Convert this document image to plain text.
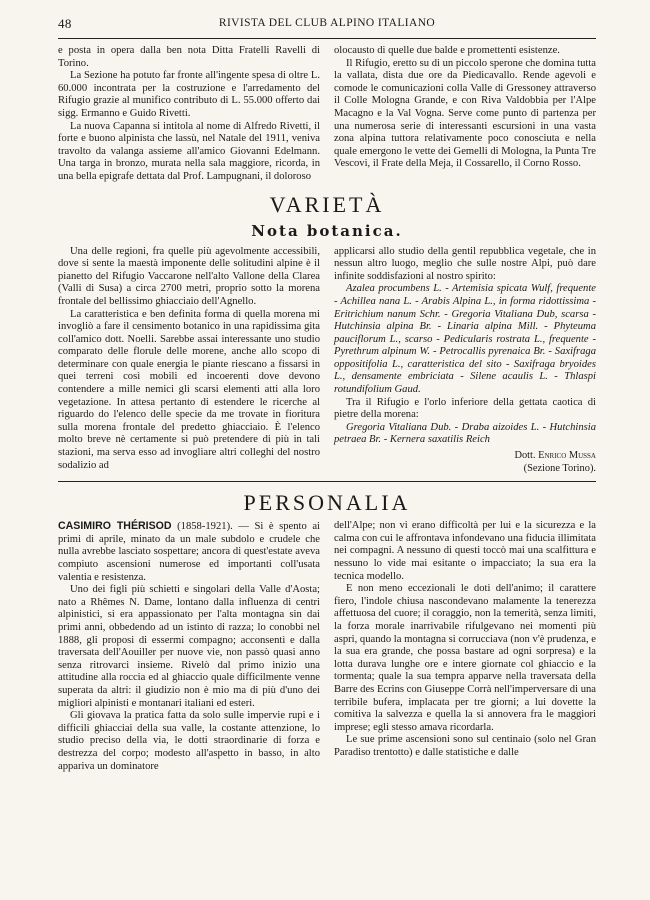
48	RIVISTA DEL CLUB ALPINO ITALIANO

e posta in opera dalla ben nota Ditta Fratelli Ravelli di Torino.

La Sezione ha potuto far fronte all'ingente spesa di oltre L. 60.000 incontrata per la costruzione e l'arredamento del Rifugio grazie al munifico contributo di L. 55.000 offerto dai sigg. Ermanno e Guido Rivetti.

La nuova Capanna si intitola al nome di Alfredo Rivetti, il forte e buono alpinista che lassù, nel Natale del 1911, veniva travolto da valanga assieme all'amico Giovanni Edelmann. Una targa in bronzo, murata nella sala maggiore, ricorda, in una bella epigrafe dettata dal Prof. Lampugnani, il doloroso

olocausto di quelle due balde e promettenti esistenze.

Il Rifugio, eretto su di un piccolo sperone che domina tutta la vallata, dista due ore da Piedicavallo. Rende agevoli e comode le comunicazioni colla Valle di Gressoney attraverso il Colle Mologna Grande, e con Riva Valdobbia per l'Alpe Macagno e la Val Vogna. Serve come punto di partenza per una numerosa serie di interessanti escursioni in una vasta zona alpina tuttora relativamente poco conosciuta e nella quale emergono le vette dei Gemelli di Mologna, la Punta Tre Vescovi, il Frate della Meja, il Cossarello, il Corno Rosso.

VARIETÀ
Nota botanica.

Una delle regioni, fra quelle più agevolmente accessibili, dove si sente la maestà imponente delle solitudini alpine è il pianetto del Rifugio Vaccarone nell'alto Vallone della Clarea (Valli di Susa) a circa 2700 metri, proprio sotto la morena frontale del bellissimo ghiacciaio dell'Agnello.

La caratteristica e ben definita forma di quella morena mi invogliò a fare il censimento botanico in una rapidissima gita coll'amico dott. Noelli. Sarebbe assai interessante uno studio comparato delle florule delle morene, anche allo scopo di determinare con quale energia le piante riescano a fissarsi in quei terreni così mobili ed incoerenti dove devono contendere a mille nemici gli scarsi elementi atti alla loro vegetazione. In attesa pertanto di estendere le ricerche al riguardo do l'elenco delle specie da me trovate in fioritura sulla morena frontale del predetto ghiacciaio. È l'elenco molto breve nè certamente si può pretendere di più in tali stazioni, ma serva esso ad invogliare altri colleghi del nostro sodalizio ad

applicarsi allo studio della gentil repubblica vegetale, che in nessun altro luogo, meglio che sulle nostre Alpi, può dare infinite soddisfazioni al nostro spirito:

Azalea procumbens L. - Artemisia spicata Wulf, frequente - Achillea nana L. - Arabis Alpina L., in forma ridottissima - Eritrichium nanum Schr. - Gregoria Vitaliana Dub, scarsa - Hutchinsia alpina Br. - Linaria alpina Mill. - Phyteuma pauciflorum L., scarso - Pedicularis rostrata L., frequente - Pyrethrum alpinum W. - Petrocallis pyrenaica Br. - Saxifraga oppositifolia L., caratteristica del sito - Saxifraga bryoides L., densamente embriciata - Silene acaulis L. - Thlaspi rotundifolium Gaud.

Tra il Rifugio e l'orlo inferiore della gettata caotica di pietre della morena:

Gregoria Vitaliana Dub. - Draba aizoides L. - Hutchinsia petraea Br. - Kernera saxatilis Reich

Dott. Enrico Mussa
(Sezione Torino).
PERSONALIA

CASIMIRO THÉRISOD (1858-1921). — Si è spento ai primi di aprile, minato da un male subdolo e crudele che nulla avrebbe lasciato sospettare; ancora di quest'estate aveva compiuto ascensioni numerose ed importanti coll'usata valentia e resistenza.

Uno dei figli più schietti e singolari della Valle d'Aosta; nato a Rhêmes N. Dame, lontano dalla influenza di centri alpinistici, si era appassionato per l'alta montagna sin dai primi anni, obbedendo ad un istinto di razza; lo conobbi nel 1888, gli proposi di essermi compagno; acconsentì e dalla traversata dell'Aouiller per nuove vie, non passò quasi anno senza ritrovarci insieme. Rivelò dal primo inizio una attitudine alla roccia ed al ghiaccio quale difficilmente venne superata da altri: il giudizio non è mio ma di più d'uno dei migliori alpinisti e montanari italiani ed esteri.

Gli giovava la pratica fatta da solo sulle impervie rupi e i difficili ghiacciai della sua valle, la costante attenzione, lo studio preciso della via, le dotti straordinarie di forza e destrezza del corpo; modesto all'aspetto in basso, in alto appariva un dominatore

dell'Alpe; non vi erano difficoltà per lui e la sicurezza e la calma con cui le affrontava infondevano una fiducia illimitata nei compagni. A nessuno di questi toccò mai una scalfittura e nessuno lo vide mai esitante o impacciato; la sua era la tecnica modello.

E non meno eccezionali le doti dell'animo; il carattere fiero, l'indole chiusa nascondevano malamente la tenerezza affettuosa del cuore; il coraggio, non la temerità, senza limiti, la forza morale inarrivabile rifulgevano nei momenti più aspri, quando la montagna si corrucciava (non v'è prudenza, e la sua era grande, che possa bastare ad ogni sorpresa) e la lotta durava lunghe ore e intere giornate col ghiaccio e la tormenta; quale la sua tempra apparve nella traversata della Barre des Ecrins con Giuseppe Corrà nell'imperversare di una terribile bufera, implacata per tre giorni; a lui dovette la comitiva la salvezza e quella la si annovera fra le maggiori imprese; egli stesso amava ricordarla.

Le sue prime ascensioni sono sul centinaio (solo nel Gran Paradiso trentotto) e dalle statistiche e dalle
